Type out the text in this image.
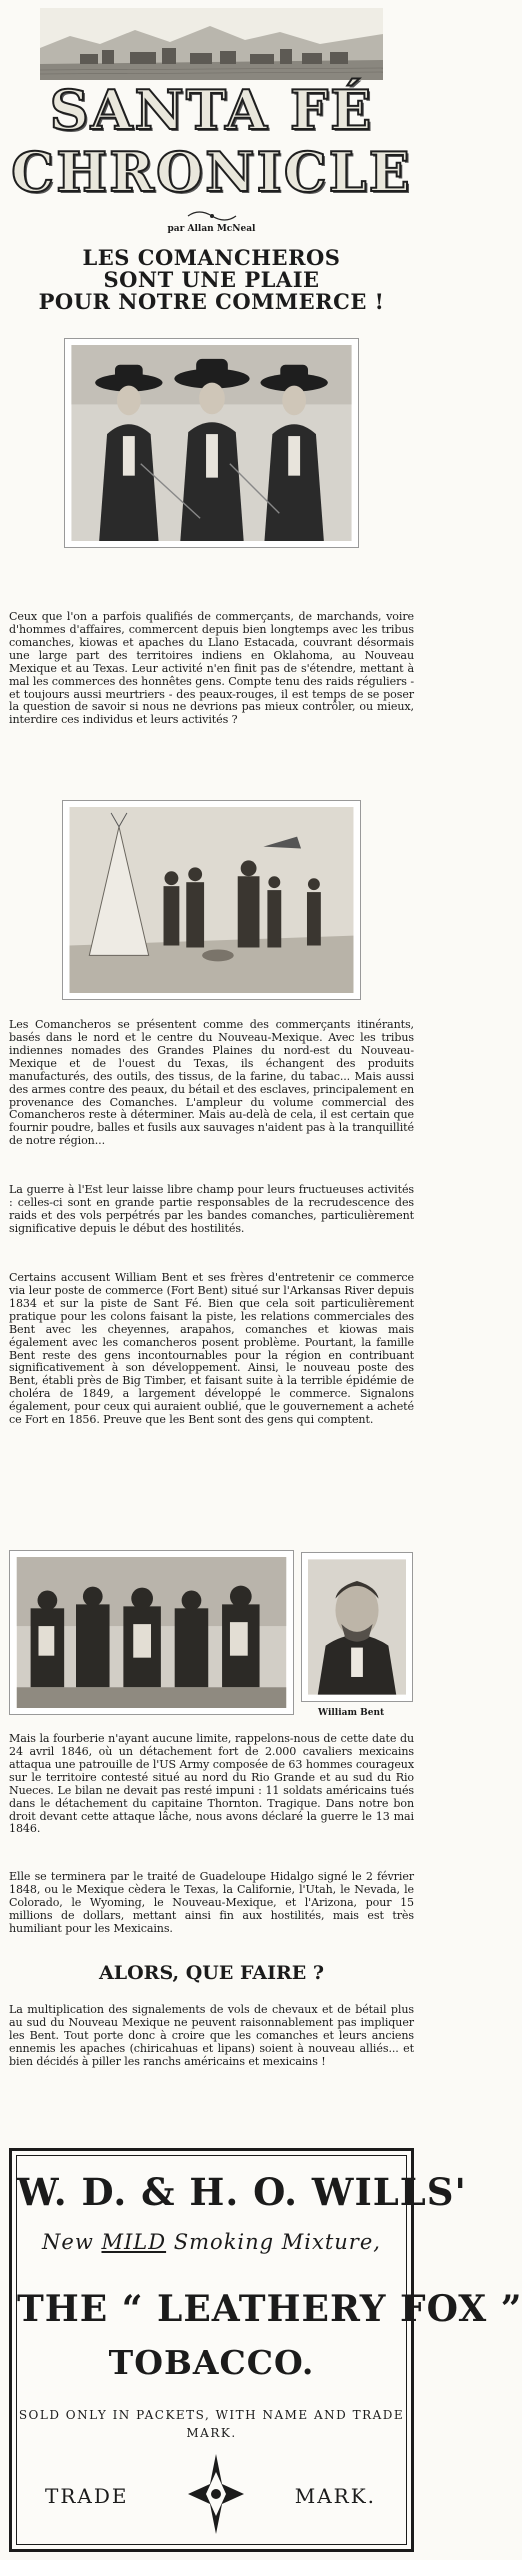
SANTA FÉ
CHRONICLE
par Allan McNeal
LES COMANCHEROS
SONT UNE PLAIE
POUR NOTRE COMMERCE !

Ceux que l'on a parfois qualifiés de commerçants, de marchands, voire d'hommes d'affaires, commercent depuis bien longtemps avec les tribus comanches, kiowas et apaches du Llano Estacada, couvrant désormais une large part des territoires indiens en Oklahoma, au Nouveau Mexique et au Texas. Leur activité n'en finit pas de s'étendre, mettant à mal les commerces des honnêtes gens. Compte tenu des raids réguliers - et toujours aussi meurtriers - des peaux-rouges, il est temps de se poser la question de savoir si nous ne devrions pas mieux contrôler, ou mieux, interdire ces individus et leurs activités ?

Les Comancheros se présentent comme des commerçants itinérants, basés dans le nord et le centre du Nouveau-Mexique. Avec les tribus indiennes nomades des Grandes Plaines du nord-est du Nouveau-Mexique et de l'ouest du Texas, ils échangent des produits manufacturés, des outils, des tissus, de la farine, du tabac... Mais aussi des armes contre des peaux, du bétail et des esclaves, principalement en provenance des Comanches. L'ampleur du volume commercial des Comancheros reste à déterminer. Mais au-delà de cela, il est certain que fournir poudre, balles et fusils aux sauvages n'aident pas à la tranquillité de notre région...

La guerre à l'Est leur laisse libre champ pour leurs fructueuses activités : celles-ci sont en grande partie responsables de la recrudescence des raids et des vols perpétrés par les bandes comanches, particulièrement significative depuis le début des hostilités.

Certains accusent William Bent et ses frères d'entretenir ce commerce via leur poste de commerce (Fort Bent) situé sur l'Arkansas River depuis 1834 et sur la piste de Sant Fé. Bien que cela soit particulièrement pratique pour les colons faisant la piste, les relations commerciales des Bent avec les cheyennes, arapahos, comanches et kiowas mais également avec les comancheros posent problème. Pourtant, la famille Bent reste des gens incontournables pour la région en contribuant significativement à son développement. Ainsi, le nouveau poste des Bent, établi près de Big Timber, et faisant suite à la terrible épidémie de choléra de 1849, a largement développé le commerce. Signalons également, pour ceux qui auraient oublié, que le gouvernement a acheté ce Fort en 1856. Preuve que les Bent sont des gens qui comptent.

William Bent

Mais la fourberie n'ayant aucune limite, rappelons-nous de cette date du 24 avril 1846, où un détachement fort de 2.000 cavaliers mexicains attaqua une patrouille de l'US Army composée de 63 hommes courageux sur le territoire contesté situé au nord du Rio Grande et au sud du Rio Nueces. Le bilan ne devait pas resté impuni : 11 soldats américains tués dans le détachement du capitaine Thornton. Tragique. Dans notre bon droit devant cette attaque lâche, nous avons déclaré la guerre le 13 mai 1846.

Elle se terminera par le traité de Guadeloupe Hidalgo signé le 2 février 1848, ou le Mexique cèdera le Texas, la Californie, l'Utah, le Nevada, le Colorado, le Wyoming, le Nouveau-Mexique, et l'Arizona, pour 15 millions de dollars, mettant ainsi fin aux hostilités, mais est très humiliant pour les Mexicains.

ALORS, QUE FAIRE ?

La multiplication des signalements de vols de chevaux et de bétail plus au sud du Nouveau Mexique ne peuvent raisonnablement pas impliquer les Bent. Tout porte donc à croire que les comanches et leurs anciens ennemis les apaches (chiricahuas et lipans) soient à nouveau alliés... et bien décidés à piller les ranchs américains et mexicains !

W. D. & H. O. WILLS'
New MILD Smoking Mixture,
THE “ LEATHERY FOX ”
TOBACCO.
SOLD ONLY IN PACKETS, WITH NAME AND TRADE MARK.
TRADE	MARK.
